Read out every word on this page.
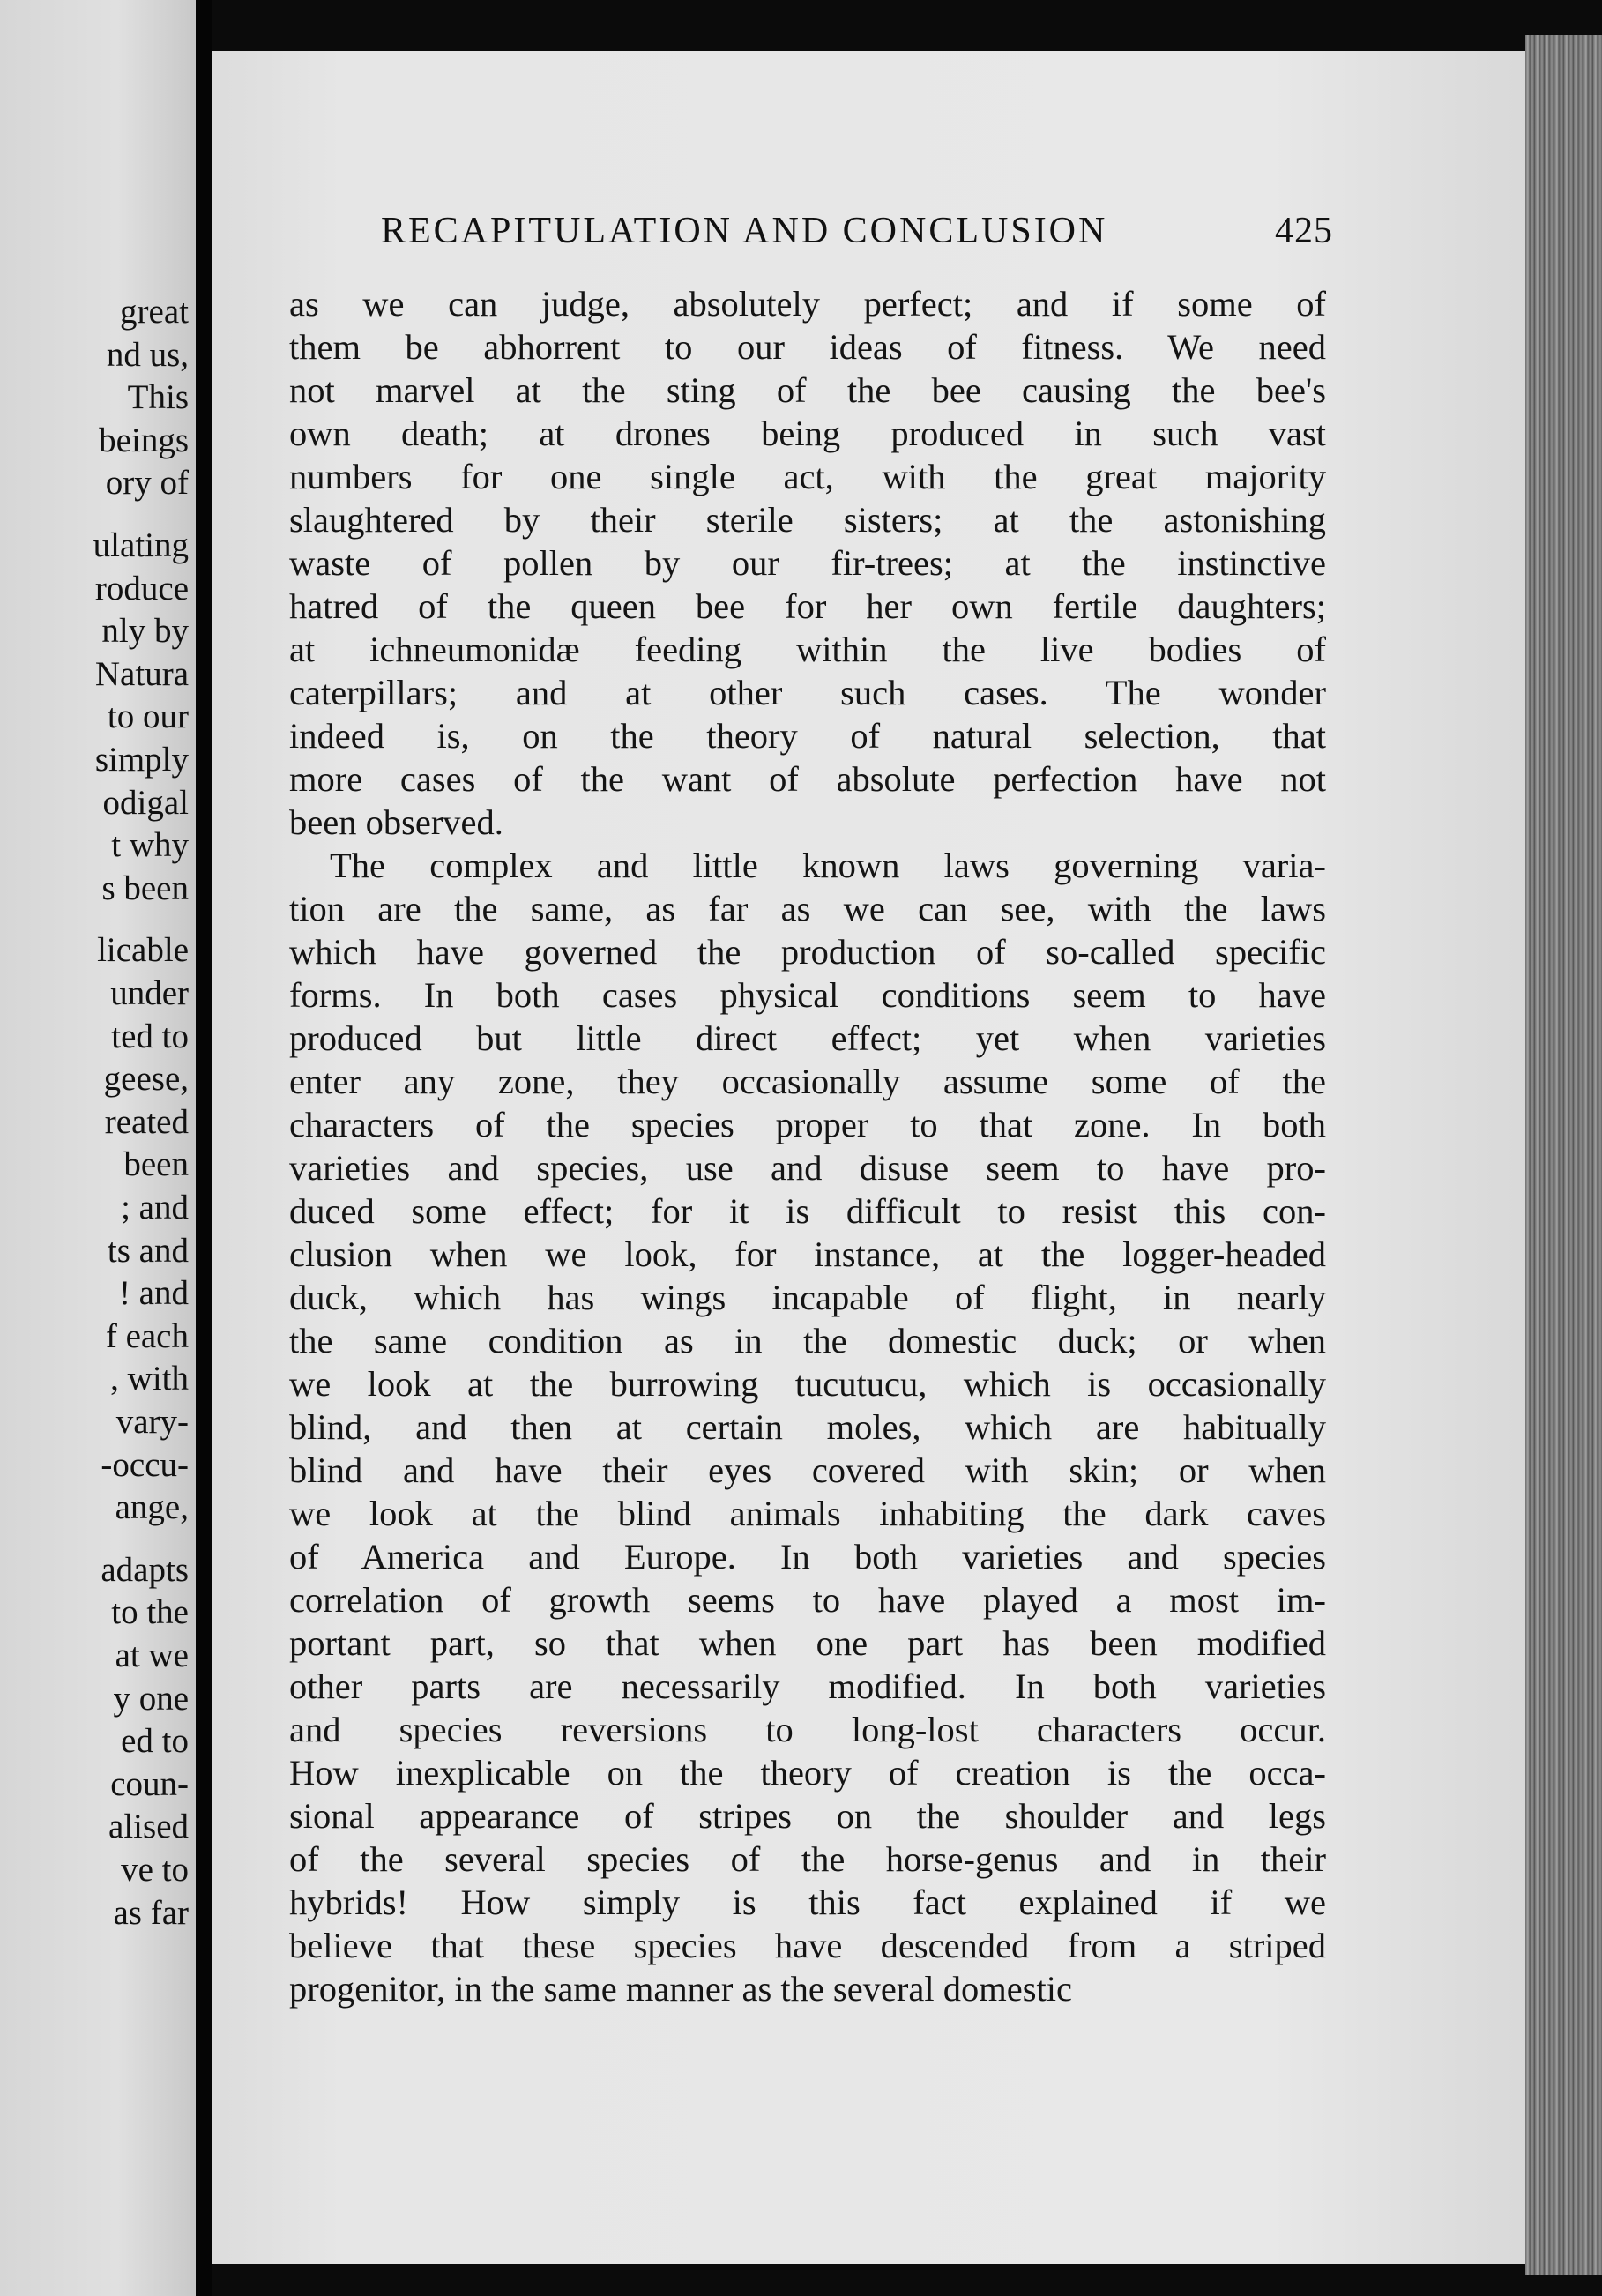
great
nd us,
This
beings
ory of
ulating
roduce
nly by
Natura
to our
simply
odigal
t why
s been
licable
under
ted to
geese,
reated
been
; and
ts and
! and
f each
, with
vary-
-occu-
ange,
adapts
to the
at we
y one
ed to
coun-
alised
ve to
as far
RECAPITULATION AND CONCLUSION	425
as we can judge, absolutely perfect; and if some of
them be abhorrent to our ideas of fitness. We need
not marvel at the sting of the bee causing the bee's
own death; at drones being produced in such vast
numbers for one single act, with the great majority
slaughtered by their sterile sisters; at the astonishing
waste of pollen by our fir-trees; at the instinctive
hatred of the queen bee for her own fertile daughters;
at ichneumonidæ feeding within the live bodies of
caterpillars; and at other such cases. The wonder
indeed is, on the theory of natural selection, that
more cases of the want of absolute perfection have not
been observed.
The complex and little known laws governing varia-
tion are the same, as far as we can see, with the laws
which have governed the production of so-called specific
forms. In both cases physical conditions seem to have
produced but little direct effect; yet when varieties
enter any zone, they occasionally assume some of the
characters of the species proper to that zone. In both
varieties and species, use and disuse seem to have pro-
duced some effect; for it is difficult to resist this con-
clusion when we look, for instance, at the logger-headed
duck, which has wings incapable of flight, in nearly
the same condition as in the domestic duck; or when
we look at the burrowing tucutucu, which is occasionally
blind, and then at certain moles, which are habitually
blind and have their eyes covered with skin; or when
we look at the blind animals inhabiting the dark caves
of America and Europe. In both varieties and species
correlation of growth seems to have played a most im-
portant part, so that when one part has been modified
other parts are necessarily modified. In both varieties
and species reversions to long-lost characters occur.
How inexplicable on the theory of creation is the occa-
sional appearance of stripes on the shoulder and legs
of the several species of the horse-genus and in their
hybrids! How simply is this fact explained if we
believe that these species have descended from a striped
progenitor, in the same manner as the several domestic
